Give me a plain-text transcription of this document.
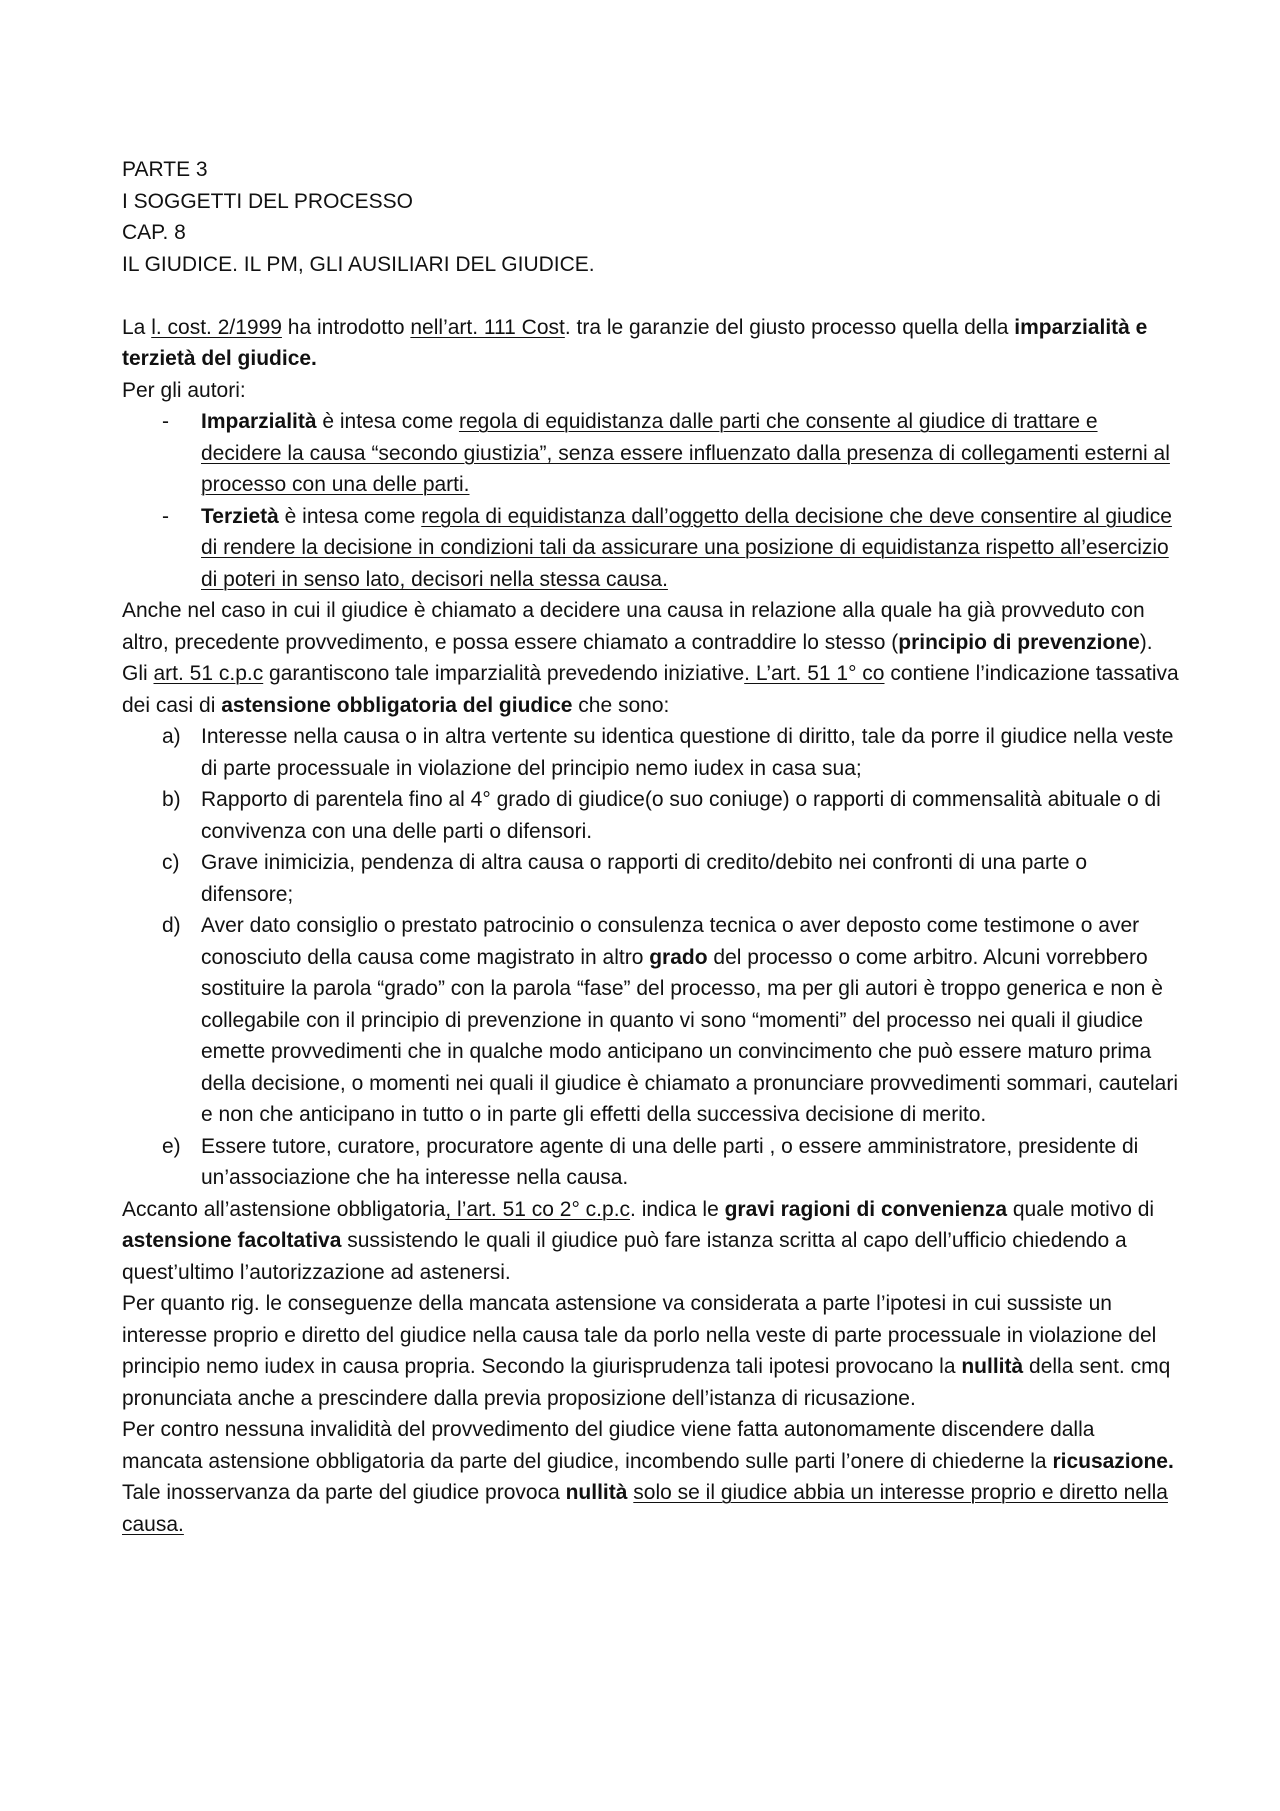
PARTE 3

I SOGGETTI DEL PROCESSO

CAP. 8

IL GIUDICE. IL PM, GLI AUSILIARI DEL GIUDICE.

La l. cost. 2/1999 ha introdotto nell’art. 111 Cost. tra le garanzie del giusto processo quella della imparzialità e terzietà del giudice.

Per gli autori:

- Imparzialità è intesa come regola di equidistanza dalle parti che consente al giudice di trattare e decidere la causa “secondo giustizia”, senza essere influenzato dalla presenza di collegamenti esterni al processo con una delle parti.
- Terzietà è intesa come regola di equidistanza dall’oggetto della decisione che deve consentire al giudice di rendere la decisione in condizioni tali da assicurare una posizione di equidistanza rispetto all’esercizio di poteri in senso lato, decisori nella stessa causa.

Anche nel caso in cui il giudice è chiamato a decidere una causa in relazione alla quale ha già provveduto con altro, precedente provvedimento, e possa essere chiamato a contraddire lo stesso (principio di prevenzione).

Gli art. 51 c.p.c garantiscono tale imparzialità prevedendo iniziative. L’art. 51 1° co contiene l’indicazione tassativa dei casi di astensione obbligatoria del giudice che sono:

a) Interesse nella causa o in altra vertente su identica questione di diritto, tale da porre il giudice nella veste di parte processuale in violazione del principio nemo iudex in casa sua;
b) Rapporto di parentela fino al 4° grado di giudice(o suo coniuge) o rapporti di commensalità abituale o di convivenza con una delle parti o difensori.
c) Grave inimicizia, pendenza di altra causa o rapporti di credito/debito nei confronti di una parte o difensore;
d) Aver dato consiglio o prestato patrocinio o consulenza tecnica o aver deposto come testimone o aver conosciuto della causa come magistrato in altro grado del processo o come arbitro. Alcuni vorrebbero sostituire la parola “grado” con la parola “fase” del processo, ma per gli autori è troppo generica e non è collegabile con il principio di prevenzione in quanto vi sono “momenti” del processo nei quali il giudice emette provvedimenti che in qualche modo anticipano un convincimento che può essere maturo prima della decisione, o momenti nei quali il giudice è chiamato a pronunciare provvedimenti sommari, cautelari e non che anticipano in tutto o in parte gli effetti della successiva decisione di merito.
e) Essere tutore, curatore, procuratore agente di una delle parti , o essere amministratore, presidente di un’associazione che ha interesse nella causa.

Accanto all’astensione obbligatoria, l’art. 51 co 2° c.p.c. indica le gravi ragioni di convenienza quale motivo di astensione facoltativa sussistendo le quali il giudice può fare istanza scritta al capo dell’ufficio chiedendo a quest’ultimo l’autorizzazione ad astenersi.

Per quanto rig. le conseguenze della mancata astensione va considerata a parte l’ipotesi in cui sussiste un interesse proprio e diretto del giudice nella causa tale da porlo nella veste di parte processuale in violazione del principio nemo iudex in causa propria. Secondo la giurisprudenza tali ipotesi provocano la nullità della sent. cmq pronunciata anche a prescindere dalla previa proposizione dell’istanza di ricusazione.

Per contro nessuna invalidità del provvedimento del giudice viene fatta autonomamente discendere dalla mancata astensione obbligatoria da parte del giudice, incombendo sulle parti l’onere di chiederne la ricusazione. Tale inosservanza da parte del giudice provoca nullità solo se il giudice abbia un interesse proprio e diretto nella causa.
